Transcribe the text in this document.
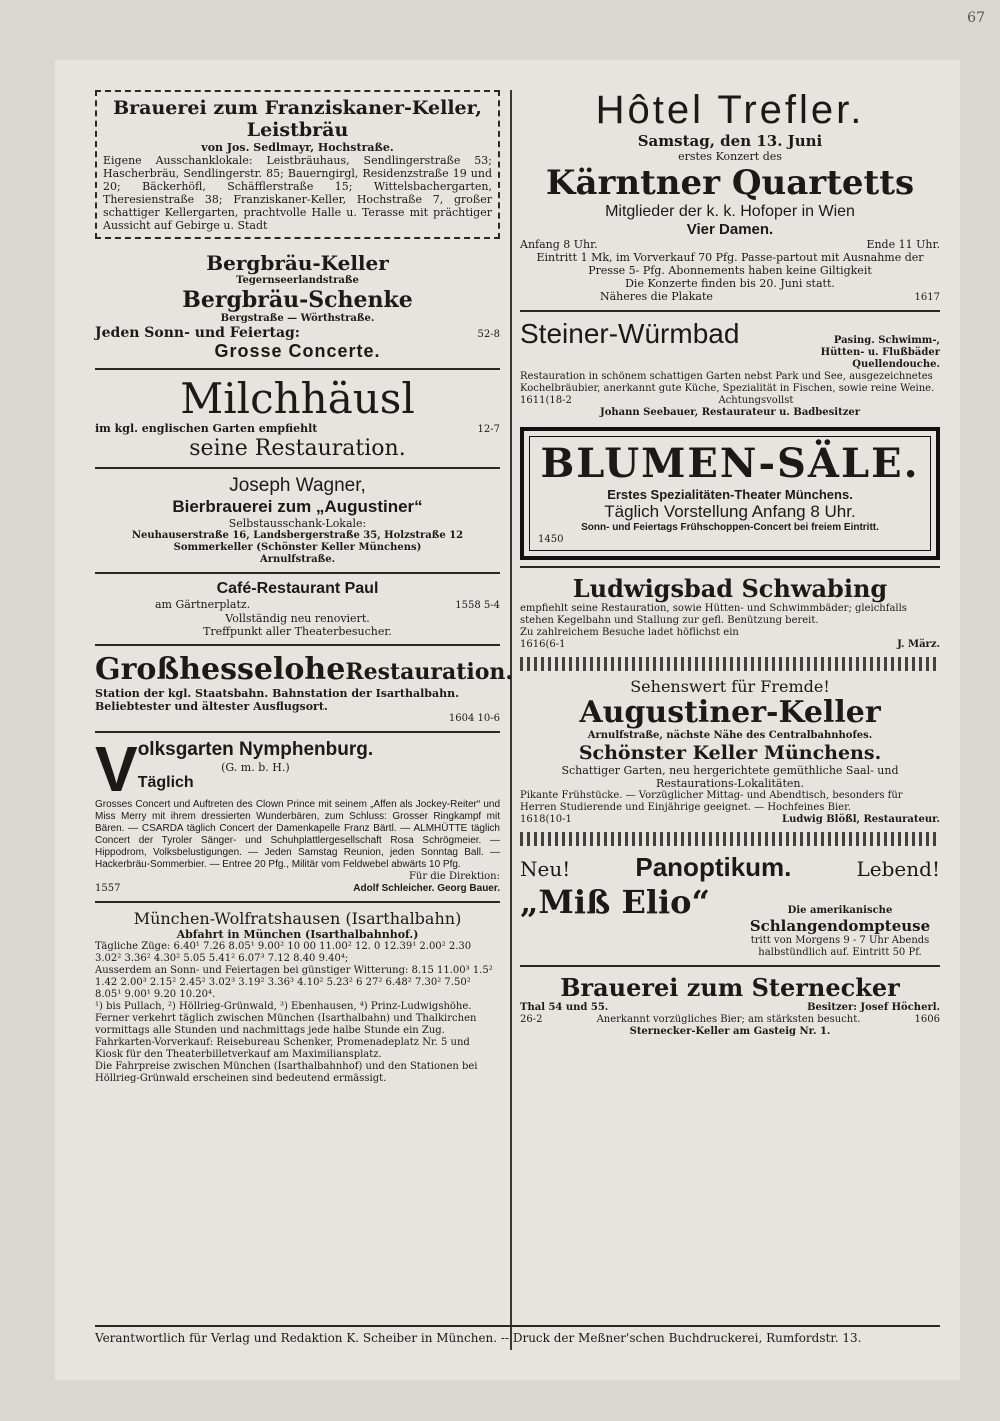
67

Brauerei zum Franziskaner-Keller, Leistbräu

von Jos. Sedlmayr, Hochstraße.

Eigene Ausschanklokale: Leistbräuhaus, Sendlingerstraße 53; Hascherbräu, Sendlingerstr. 85; Bauerngirgl, Residenzstraße 19 und 20; Bäckerhöfl, Schäfflerstraße 15; Wittelsbachergarten, Theresienstraße 38; Franziskaner-Keller, Hochstraße 7, großer schattiger Kellergarten, prachtvolle Halle u. Terasse mit prächtiger Aussicht auf Gebirge u. Stadt

Bergbräu-Keller

Tegernseerlandstraße

Bergbräu-Schenke

Bergstraße — Wörthstraße.

Jeden Sonn- und Feiertag:	52-8

Grosse Concerte.

Milchhäusl

im kgl. englischen Garten empfiehlt	12-7

seine Restauration.

Joseph Wagner,

Bierbrauerei zum „Augustiner“

Selbstausschank-Lokale:

Neuhauserstraße 16, Landsbergerstraße 35, Holzstraße 12

Sommerkeller (Schönster Keller Münchens)

Arnulfstraße.

Café-Restaurant Paul

am Gärtnerplatz.	1558 5-4

Vollständig neu renoviert.

Treffpunkt aller Theaterbesucher.

Großhesselohe Restauration.

Station der kgl. Staatsbahn. Bahnstation der Isarthalbahn. Beliebtester und ältester Ausflugsort.

1604 10-6

V olksgarten Nymphenburg.

(G. m. b. H.)

Täglich

Grosses Concert und Auftreten des Clown Prince mit seinem „Affen als Jockey-Reiter“ und Miss Merry mit ihrem dressierten Wunderbären, zum Schluss: Grosser Ringkampf mit Bären. — CSARDA täglich Concert der Damenkapelle Franz Bärtl. — ALMHÜTTE täglich Concert der Tyroler Sänger- und Schuhplattlergesellschaft Rosa Schrögmeier. — Hippodrom, Volksbelustigungen. — Jeden Samstag Reunion, jeden Sonntag Ball. — Hackerbräu-Sommerbier. — Entree 20 Pfg., Militär vom Feldwebel abwärts 10 Pfg.

Für die Direktion:

1557	Adolf Schleicher. Georg Bauer.

München-Wolfratshausen (Isarthalbahn)

Abfahrt in München (Isarthalbahnhof.)

Tägliche Züge: 6.40¹ 7.26 8.05¹ 9.00² 10 00 11.00² 12. 0 12.39¹ 2.00² 2.30 3.02² 3.36² 4.30² 5.05 5.41² 6.07³ 7.12 8.40 9.40⁴;

Ausserdem an Sonn- und Feiertagen bei günstiger Witterung: 8.15 11.00³ 1.5² 1.42 2.00³ 2.15² 2.45² 3.02³ 3.19² 3.36³ 4.10² 5.23² 6 27² 6.48² 7.30² 7.50² 8.05¹ 9.00¹ 9.20 10.20⁴.

¹) bis Pullach, ²) Höllrieg-Grünwald, ³) Ebenhausen, ⁴) Prinz-Ludwigshöhe.

Ferner verkehrt täglich zwischen München (Isarthalbahn) und Thalkirchen vormittags alle Stunden und nachmittags jede halbe Stunde ein Zug.

Fahrkarten-Vorverkauf: Reisebureau Schenker, Promenadeplatz Nr. 5 und Kiosk für den Theaterbilletverkauf am Maximiliansplatz.

Die Fahrpreise zwischen München (Isarthalbahnhof) und den Stationen bei Höllrieg-Grünwald erscheinen sind bedeutend ermässigt.

Hôtel Trefler.

Samstag, den 13. Juni

erstes Konzert des

Kärntner Quartetts

Mitglieder der k. k. Hofoper in Wien

Vier Damen.

Anfang 8 Uhr.	Ende 11 Uhr.

Eintritt 1 Mk, im Vorverkauf 70 Pfg. Passe-partout mit Ausnahme der Presse 5- Pfg. Abonnements haben keine Giltigkeit

Die Konzerte finden bis 20. Juni statt.

Näheres die Plakate	1617

Steiner-Würmbad	Pasing. Schwimm-, Hütten- u. Flußbäder Quellendouche.

Restauration in schönem schattigen Garten nebst Park und See, ausgezeichnetes Kochelbräubier, anerkannt gute Küche, Spezialität in Fischen, sowie reine Weine.

1611(18-2	Achtungsvollst

Johann Seebauer, Restaurateur u. Badbesitzer

BLUMEN-SÄLE.

Erstes Spezialitäten-Theater Münchens.

Täglich Vorstellung Anfang 8 Uhr.

Sonn- und Feiertags Frühschoppen-Concert bei freiem Eintritt.

1450

Ludwigsbad Schwabing

empfiehlt seine Restauration, sowie Hütten- und Schwimmbäder; gleichfalls stehen Kegelbahn und Stallung zur gefl. Benützung bereit.

Zu zahlreichem Besuche ladet höflichst ein

1616(6-1	J. März.

Sehenswert für Fremde!

Augustiner-Keller

Arnulfstraße, nächste Nähe des Centralbahnhofes.

Schönster Keller Münchens.

Schattiger Garten, neu hergerichtete gemüthliche Saal- und Restaurations-Lokalitäten.

Pikante Frühstücke. — Vorzüglicher Mittag- und Abendtisch, besonders für Herren Studierende und Einjährige geeignet. — Hochfeines Bier.

1618(10-1	Ludwig Blößl, Restaurateur.

Neu!	Panoptikum.	Lebend!

„Miß Elio“	Die amerikanische

Schlangendompteuse

tritt von Morgens 9 - 7 Uhr Abends halbstündlich auf. Eintritt 50 Pf.

Brauerei zum Sternecker

Thal 54 und 55.	Besitzer: Josef Höcherl.

26-2	Anerkannt vorzügliches Bier; am stärksten besucht.	1606

Sternecker-Keller am Gasteig Nr. 1.

Verantwortlich für Verlag und Redaktion K. Scheiber in München. -- Druck der Meßner'schen Buchdruckerei, Rumfordstr. 13.
